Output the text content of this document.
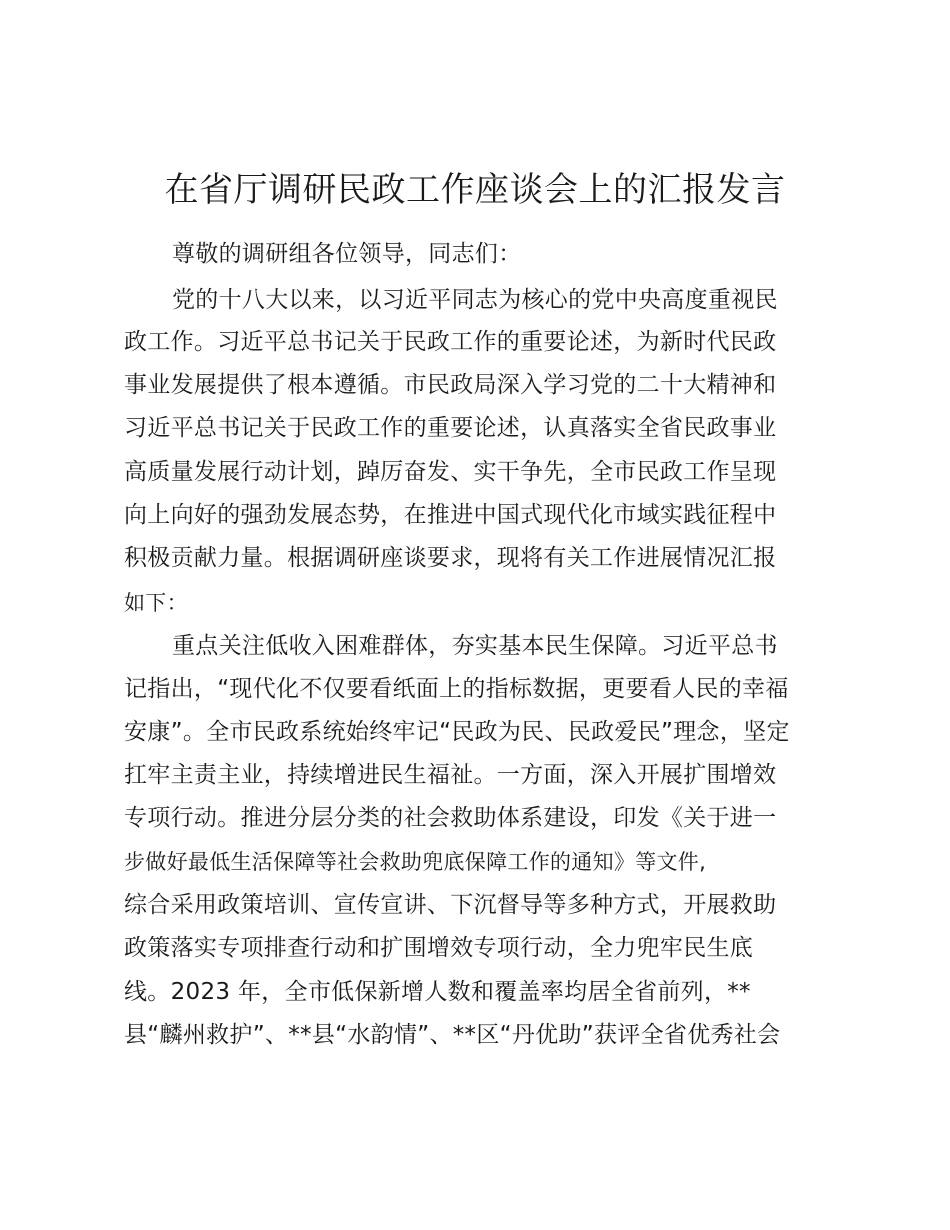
在省厅调研民政工作座谈会上的汇报发言
尊敬的调研组各位领导，同志们：
党的十八大以来，以习近平同志为核心的党中央高度重视民
政工作。习近平总书记关于民政工作的重要论述，为新时代民政
事业发展提供了根本遵循。市民政局深入学习党的二十大精神和
习近平总书记关于民政工作的重要论述，认真落实全省民政事业
高质量发展行动计划，踔厉奋发、实干争先，全市民政工作呈现
向上向好的强劲发展态势，在推进中国式现代化市域实践征程中
积极贡献力量。根据调研座谈要求，现将有关工作进展情况汇报
如下：
重点关注低收入困难群体，夯实基本民生保障。习近平总书
记指出，“现代化不仅要看纸面上的指标数据，更要看人民的幸福
安康”。全市民政系统始终牢记“民政为民、民政爱民”理念，坚定
扛牢主责主业，持续增进民生福祉。一方面，深入开展扩围增效
专项行动。推进分层分类的社会救助体系建设，印发《关于进一
步做好最低生活保障等社会救助兜底保障工作的通知》等文件,
综合采用政策培训、宣传宣讲、下沉督导等多种方式，开展救助
政策落实专项排查行动和扩围增效专项行动，全力兜牢民生底
线。2023 年，全市低保新增人数和覆盖率均居全省前列，**
县“麟州救护”、**县“水韵情”、**区“丹优助”获评全省优秀社会
